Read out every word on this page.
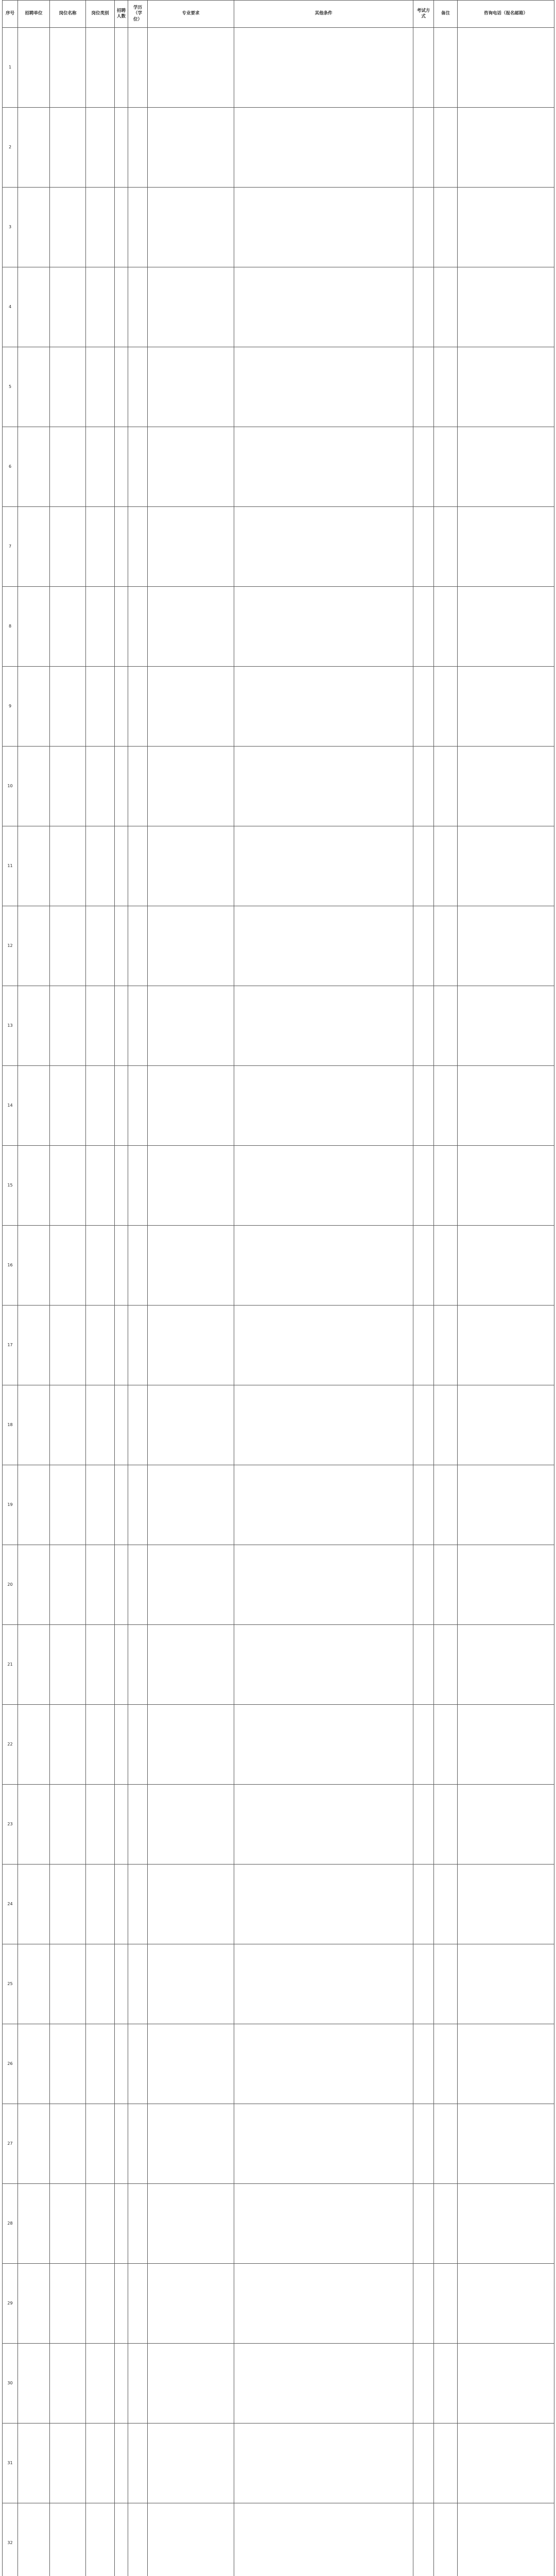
序号	招聘单位	岗位名称	岗位类别	招聘人数	学历（学位）	专业要求	其他条件	考试方式	备注	咨询电话（报名邮箱）
1										
2										
3										
4										
5										
6										
7										
8										
9										
10										
11										
12										
13										
14										
15										
16										
17										
18										
19										
20										
21										
22										
23										
24										
25										
26										
27										
28										
29										
30										
31										
32										
